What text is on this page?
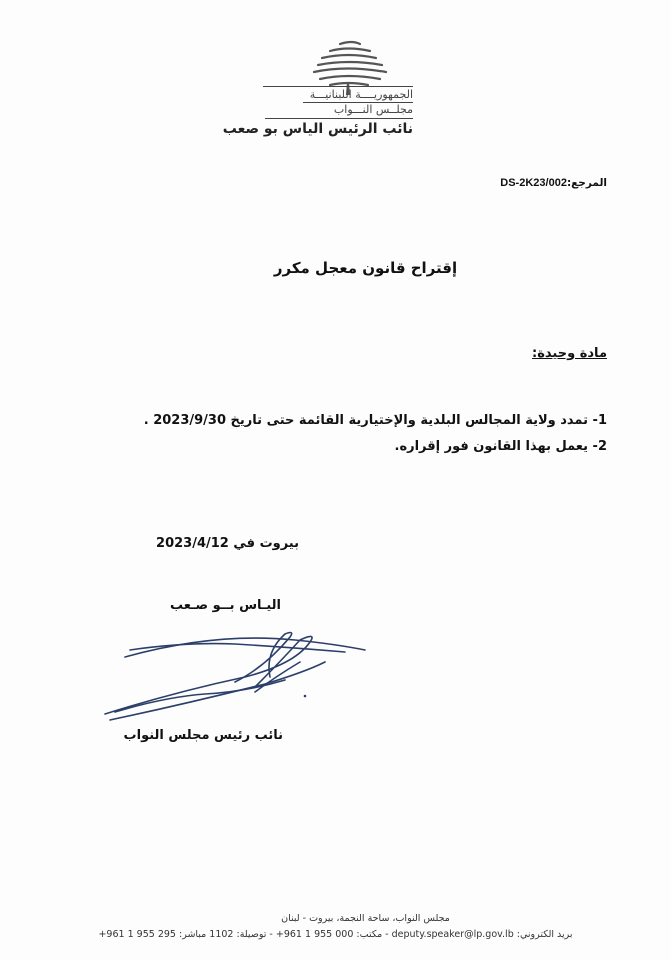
الجمهوريــــة اللبنانيـــة
مجلــس النـــواب
نائب الرئيس الياس بو صعب
المرجع:DS-2K23/002
إقتراح قانون معجل مكرر
مادة وحيدة:
1- تمدد ولاية المجالس البلدية والإختيارية القائمة حتى تاريخ 2023/9/30 .
2- يعمل بهذا القانون فور إقراره.
بيروت في 2023/4/12
اليـاس بــو صـعب
نائب رئيس مجلس النواب
مجلس النواب، ساحة النجمة، بيروت - لبنان
بريد الكتروني: deputy.speaker@lp.gov.lb - مكتب: 000 955 1 961+ - توصيلة: 1102 مباشر: 295 955 1 961+
